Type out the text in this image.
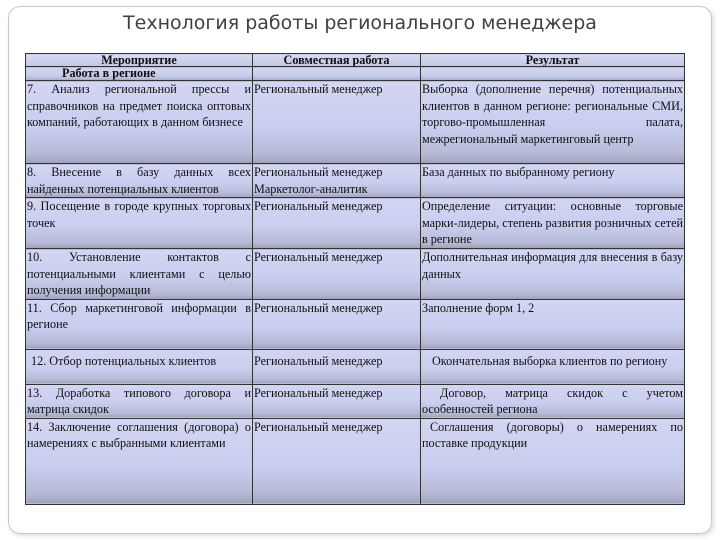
Технология работы регионального менеджера
Мероприятие	Совместная работа	Результат
Работа в регионе		
7. Анализ региональной прессы и справочников на предмет поиска оптовых компаний, работающих в данном бизнесе	Региональный менеджер	Выборка (дополнение перечня) потенциальных клиентов в данном регионе: региональные СМИ, торгово-промышленная палата, межрегиональный маркетинговый центр
8. Внесение в базу данных всех найденных потенциальных клиентов	Региональный менеджер Маркетолог-аналитик	База данных по выбранному региону
9. Посещение в городе крупных торговых точек	Региональный менеджер	Определение ситуации: основные торговые марки-лидеры, степень развития розничных сетей в регионе
10. Установление контактов с потенциальными клиентами с целью получения информации	Региональный менеджер	Дополнительная информация для внесения в базу данных
11. Сбор маркетинговой информации в регионе	Региональный менеджер	Заполнение форм 1, 2
12. Отбор потенциальных клиентов	Региональный менеджер	Окончательная выборка клиентов по региону
13. Доработка типового договора и матрица скидок	Региональный менеджер	Договор, матрица скидок с учетом особенностей региона
14. Заключение соглашения (договора) о намерениях с выбранными клиентами	Региональный менеджер	Соглашения (договоры) о намерениях по поставке продукции
